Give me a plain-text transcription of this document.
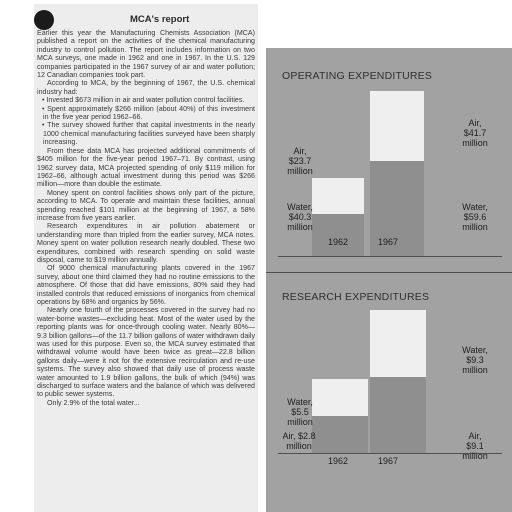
MCA's report

Earlier this year the Manufacturing Chemists Association (MCA) published a report on the activities of the chemical manufacturing industry to control pollution. The report includes information on two MCA surveys, one made in 1962 and one in 1967. In the U.S. 129 companies participated in the 1967 survey of air and water pollution; 12 Canadian companies took part.

According to MCA, by the beginning of 1967, the U.S. chemical industry had:

• Invested $673 million in air and water pollution control facilities.

• Spent approximately $266 million (about 40%) of this investment in the five year period 1962–66.

• The survey showed further that capital investments in the nearly 1000 chemical manufacturing facilities surveyed have been sharply increasing.

From these data MCA has projected additional commitments of $405 million for the five-year period 1967–71. By contrast, using 1962 survey data, MCA projected spending of only $119 million for 1962–66, although actual investment during this period was $266 million—more than double the estimate.

Money spent on control facilities shows only part of the picture, according to MCA. To operate and maintain these facilities, annual spending reached $101 million at the beginning of 1967, a 58% increase from five years earlier.

Research expenditures in air pollution abatement or understanding more than tripled from the earlier survey, MCA notes. Money spent on water pollution research nearly doubled. These two expenditures, combined with research spending on solid waste disposal, came to $19 million annually.

Of 9000 chemical manufacturing plants covered in the 1967 survey, about one third claimed they had no routine emissions to the atmosphere. Of those that did have emissions, 80% said they had installed controls that reduced emissions of inorganics from chemical operations by 68% and organics by 56%.

Nearly one fourth of the processes covered in the survey had no water-borne wastes—excluding heat. Most of the water used by the reporting plants was for once-through cooling water. Nearly 80%—9.3 billion gallons—of the 11.7 billion gallons of water withdrawn daily was used for this purpose. Even so, the MCA survey estimated that withdrawal volume would have been twice as great—22.8 billion gallons daily—were it not for the extensive recirculation and re-use systems. The survey also showed that daily use of process waste water amounted to 1.9 billion gallons, the bulk of which (94%) was discharged to surface waters and the balance of which was delivered to public sewer systems.

Only 2.9% of the total water...

OPERATING EXPENDITURES
Air,
$23.7
million
Water,
$40.3
million
Air,
$41.7
million
Water,
$59.6
million
1962	1967
RESEARCH EXPENDITURES
Water,
$5.5
million
Air, $2.8
million
Water,
$9.3
million
Air,
$9.1
million
1962	1967
